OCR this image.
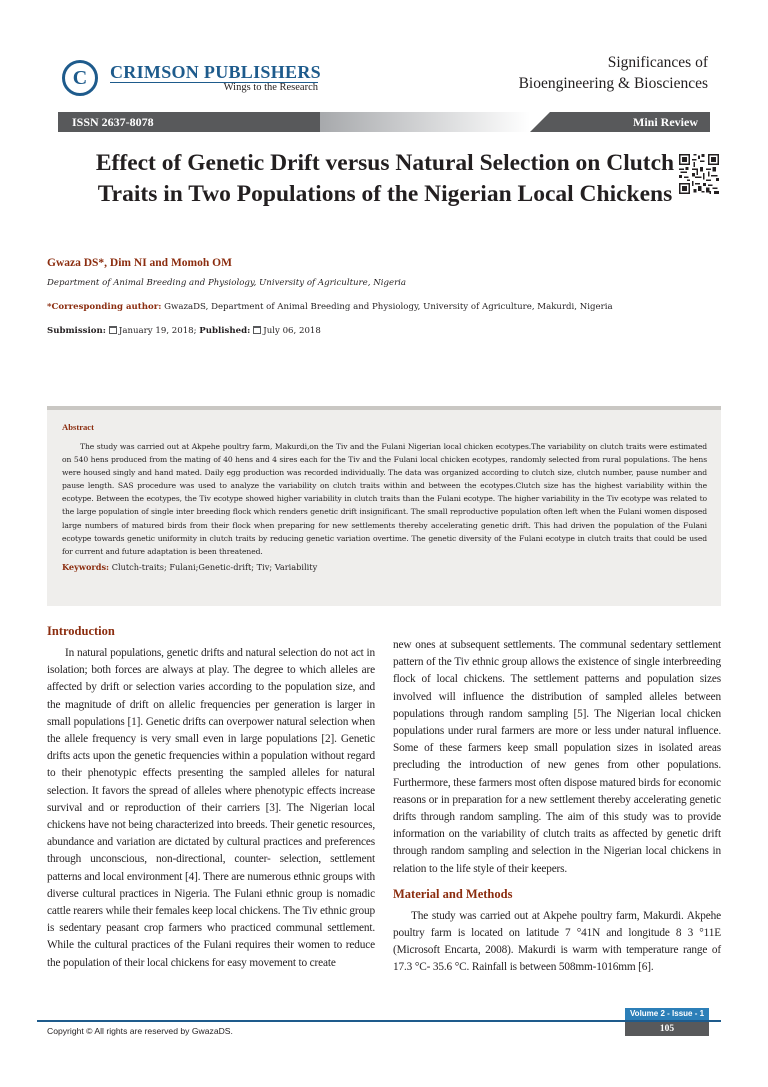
C CRIMSON PUBLISHERS
Wings to the Research
Significances of
Bioengineering & Biosciences
ISSN 2637-8078	Mini Review
Effect of Genetic Drift versus Natural Selection on Clutch Traits in Two Populations of the Nigerian Local Chickens
Gwaza DS*, Dim NI and Momoh OM
Department of Animal Breeding and Physiology, University of Agriculture, Nigeria
*Corresponding author: GwazaDS, Department of Animal Breeding and Physiology, University of Agriculture, Makurdi, Nigeria
Submission: January 19, 2018; Published: July 06, 2018
Abstract

The study was carried out at Akpehe poultry farm, Makurdi,on the Tiv and the Fulani Nigerian local chicken ecotypes.The variability on clutch traits were estimated on 540 hens produced from the mating of 40 hens and 4 sires each for the Tiv and the Fulani local chicken ecotypes, randomly selected from rural populations. The hens were housed singly and hand mated. Daily egg production was recorded individually. The data was organized according to clutch size, clutch number, pause number and pause length. SAS procedure was used to analyze the variability on clutch traits within and between the ecotypes.Clutch size has the highest variability within the ecotype. Between the ecotypes, the Tiv ecotype showed higher variability in clutch traits than the Fulani ecotype. The higher variability in the Tiv ecotype was related to the large population of single inter breeding flock which renders genetic drift insignificant. The small reproductive population often left when the Fulani women disposed large numbers of matured birds from their flock when preparing for new settlements thereby accelerating genetic drift. This had driven the population of the Fulani ecotype towards genetic uniformity in clutch traits by reducing genetic variation overtime. The genetic diversity of the Fulani ecotype in clutch traits that could be used for current and future adaptation is been threatened.

Keywords: Clutch-traits; Fulani;Genetic-drift; Tiv; Variability
Introduction

In natural populations, genetic drifts and natural selection do not act in isolation; both forces are always at play. The degree to which alleles are affected by drift or selection varies according to the population size, and the magnitude of drift on allelic frequencies per generation is larger in small populations [1]. Genetic drifts can overpower natural selection when the allele frequency is very small even in large populations [2]. Genetic drifts acts upon the genetic frequencies within a population without regard to their phenotypic effects presenting the sampled alleles for natural selection. It favors the spread of alleles where phenotypic effects increase survival and or reproduction of their carriers [3]. The Nigerian local chickens have not being characterized into breeds. Their genetic resources, abundance and variation are dictated by cultural practices and preferences through unconscious, non-directional, counter- selection, settlement patterns and local environment [4]. There are numerous ethnic groups with diverse cultural practices in Nigeria. The Fulani ethnic group is nomadic cattle rearers while their females keep local chickens. The Tiv ethnic group is sedentary peasant crop farmers who practiced communal settlement. While the cultural practices of the Fulani requires their women to reduce the population of their local chickens for easy movement to create

new ones at subsequent settlements. The communal sedentary settlement pattern of the Tiv ethnic group allows the existence of single interbreeding flock of local chickens. The settlement patterns and population sizes involved will influence the distribution of sampled alleles between populations through random sampling [5]. The Nigerian local chicken populations under rural farmers are more or less under natural influence. Some of these farmers keep small population sizes in isolated areas precluding the introduction of new genes from other populations. Furthermore, these farmers most often dispose matured birds for economic reasons or in preparation for a new settlement thereby accelerating genetic drifts through random sampling. The aim of this study was to provide information on the variability of clutch traits as affected by genetic drift through random sampling and selection in the Nigerian local chickens in relation to the life style of their keepers.

Material and Methods

The study was carried out at Akpehe poultry farm, Makurdi. Akpehe poultry farm is located on latitude 7 °41N and longitude 8 3 °11E (Microsoft Encarta, 2008). Makurdi is warm with temperature range of 17.3 °C- 35.6 °C. Rainfall is between 508mm-1016mm [6].

Volume 2 - Issue - 1
Copyright © All rights are reserved by GwazaDS.	105
